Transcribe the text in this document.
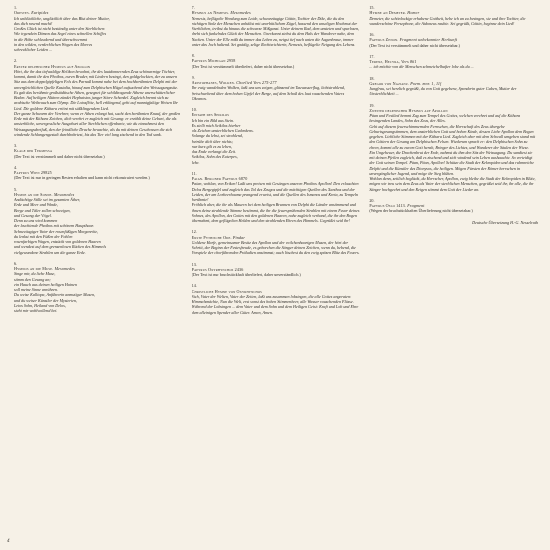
1.
Orestes. Euripides
Ich unblückliche, unglücklich über das Blut deiner Mutter,
das dich rasend macht!
Großes Glück ist nicht beständig unter den Sterblichen:
Wie irgendein Dämon das Segel eines schnellen Schiffes
in die Höhe schleudernd und überschwemmt
in den wilden, verderblichen Wogen des Meeres
schrecklicher Leiden ...
2.
Erster delphischer Hymnus auf Apollon
Hört, die ihr das tiefwaldige Helikon bewohnt, ihr des lautdonnernden Zeus schönarmige Töchter, kommt, damit ihr den Phoibos, euren Bruder, mit Liedern besingt, den goldgelockten, der zu unsern Sitz aus dem doppelgipfeligen Fels des Parnaß kommt nahe bei dem hochberühmten Delphi mit der unvergleichlichen Quelle Kastalia, hinauf zum Delphischen Hügel aufsuchend den Weissagungssitz.
Es gab das berühmte großstädtische Athen, gesegnet für schildtragende Athene unerschütterlicher Boden. Auf heiligen Altären zündet Hephaistos junger Stiere Schenkel. Zugleich brennt sich zu arabische Weihrauch zum Olymp. Die Lotosflöte, hell erklingend, geht auf mannigfaltige Weisen Ihr Lied. Die goldene Kithara ertönt mit süßklingendem Lied.
Der ganze Schwarm der Verehrer, wenn er Athen erlangt hat, sucht den berühmten Knauf, der großen Erde mit der Kithara Zeichen, dich verehrt er zugleich mit Gesang: er erzählt deine Geburt, die als unsterbliche, unvergessliche Ausgeburt aller Sterblichen offenbarte, wie du einnahmest den Weissagungsdreifuß, den der feindliche Drache bewachte, als du mit deinen Geschossen die sich windende Schlangengestalt durchbohrtest, bis das Tier viel lang zischend in den Tod sank.
3.
Klage der Tekmessa
(Der Text ist verstümmelt und daher nicht übersetzbar.)
4.
Papyrus Wien 29825
(Der Text ist nur in geringen Resten erhalten und kann nicht rekonstruiert werden.)
5.
Hymne an die Sonne. Mesomedes
Andächtige Stille sei im gesamten Äther,
Erde und Meer und Winde,
Berge und Täler sollen schweigen,
und Gesang der Vögel.
Denn zu uns wird kommen
der leuchtende Phoibos mit schönem Haupthaar.
Schneeäugiger Vater der rosenfüßigen Morgenröte,
du lenkst mit den Füßen der Fohlen
rosenfarbigen Wagen, entzückt von goldenen Haaren
und wendest auf dem grenzenlosen Rücken des Himmels
vielgewundene Strahlen um die ganze Erde.
6.
Hymnos an die Muse. Mesomedes
Singe mir, du liebe Muse,
stimm den Gesang an;
ein Hauch aus deinen heiligen Hainen
soll meine Sinne anrühren.
Du weise Kalliopa, Anführerin anmutiger Musen,
und du weiser Künstler der Mysterien,
Letos Sohn, Heiland von Delos,
steht mir wohlwollend bei.
7.
Hymnus an Nemesis. Mesomedes
Nemesis, beflügelte Wendung zum Leide, schwarzäugige Göttin, Tochter der Dike, die du den nichtigen Stolz der Menschen anhältst mit unerbittlichem Zügel, hassend den unseligen Hochmut der Sterblichen, treibst du hinaus die schwarze Mißgunst. Unter deinem Rad, dem unsteten und spurlosen, dreht sich funkelndes Glück der Menschen. Unerkannt stehst du dem Hals der Wanderer nahe, dem Nacken. Unter der Elle mißt du immer das Leben zu, neigst tief nach unten die Augenbraue, immer unter das Joch haltend. Sei gnädig, selige Rechtsrichterin, Nemesis, beflügelte Neigung des Lebens.
8.
Papyrus Michigan 2958
(Der Text ist verstümmelt überliefert, daher nicht übersetzbar.)
9.
Aristophanes, Wolken. Chorlied Vers 275-277
Ihr ewig wandelnden Wolken, laßt uns uns zeigen, glänzend im Tauwasserflug, lichtstrahlend, freischwebend über dem hohen Gipfel der Berge, auf dem Schoß des laut rauschenden Vaters Okeanos.
10.
Epitaph des Seikilos
Ich bin ein Bild aus Stein.
Es stellt mich Seikilos hierher
als Zeichen unsterblichen Gedenkens.
Solange du lebst, sei strahlend,
betrübe dich über nichts;
nur kurz gilt es zu leben,
das Ende verlangt die Zeit.
Seikilos, Sohn des Euterpes,
lebe.
11.
Paian. Berliner Papyrus 6870
Paian, wohlan, von Eriken! Laßt uns preisen mit Gesängen unseren Phoibos Apollon! Den erlauchten Delos Bergegipfel und zugleich das Tal des Zeugos und die mächtigen Quellen des Xanthos und der Leiden, der am Lorbeerbaume prangend erweist, und die Quellen des Ismenos und Kreta, zu Tempeln berühmte!
Fröhlich aber, die ihr als Mauern bei dem heiligen Brunnen von Delphi die Länder anstimmend und ihnen deine strahlende Stimme bestimmt, die ihr die feuersprühenden Strahlen mit einem Feuer deines Sohnes, des Apollon, des Gottes mit den goldenen Haaren, nahe zugleich verband, die ihr den Bogen übernahmt, dem geflügelten Helden und den strahlenden Ehren des Himmels. Gegrüßet seid ihr!
12.
Erste Pythische Ode. Pindar
Goldene Harfe, gemeinsamer Besitz des Apollon und der veilchenhaarigen Musen, der hört der Schritt, der Beginn der Festesfreude, es gehorchen die Sänger deinen Zeichen, wenn du, bebend, die Vorspiele der chorführenden Präludien anstimmst; auch löschest du den ewig spitzen Blitz des Feuers.
13.
Papyrus Oxyrhynchos 2436
(Der Text ist nur bruchstückhaft überliefert, daher unverständlich.)
14.
Christliche Hymne von Oxyrhynchos
Sich, Vater der Welten, Vater der Zeiten, laßt uns zusammen lobsingen, die alle Gottes angeraten: Himmelsmächte, Nun die Welt, erst sonst des hohen Stimmenheer, alle Wasser rauschenden Flüsse. Während der Lobsingen ... dem Vater und dem Sohn und dem Heiligen Geist: Kraft und Lob und Ehre dem alleinigen Spender aller Güter. Amen, Amen.
15.
Hymne an Demeter. Homer
Demeter, die schönlockige erhabene Gottheit, hebe ich an zu besingen, sie und ihre Tochter, die wunderschöne Persephone, die Aidoneus raubte. Sei gegrüßt, Göttin, beginne dein Lied!
16.
Papyrus Zenon. Fragment unbekannter Herkunft
(Der Text ist verstümmelt und daher nicht übersetzbar.)
17.
Terenz, Hecyra, Vers 861
... ich möchte von dir Menschen schmeichelhafter lobe als du ...
18.
Gregor von Nazianz. Poem. mor. 1, 11f
Jungfrau, sei herzlich gegrüßt, du von Gott gegebene, Spenderin guter Gaben, Mutter der Unsterblichkeit ...
19.
Zweiter delphischer Hymnus auf Apollon
Päan und Festlied hemmt Zug zum Tempel des Gottes, welchen verehret und auf die Kithara besingenden Landes, Sohn des Zeus, der Alles.
Gebt auf diesem feuerschimmernden Fernsehen, die Herrschaft des Zeus übergebe Geburtsgesangstimmen, dem unsterblichen Gott und hohen Kinde, dessen Liebe Apollon dem Bogen gegeben. Liebliche Stimmen mit der Kithara Lied. Zugleich aber mit dem Schwall umgeben stand mit den Göttern der Gesang am Delphischen Felsen. Wiederum sprach er: den Delphischen Sohn zu ehren, kommt alle zu eurem Gott herab, Bringer des Lichtes, und Wanderer der Säulen der Wiese.
Ein Ungeheuer, die Drachenbrut der Erde, nahmst du ihm den Sitz der Weissagung. Du sandtest sie mit deinen Pfeilen zugleich, daß es zischend und sich windend sein Leben aushauchte. So verteidigt der Gott seinen Tempel. Päan, Päan, Apollon! Schütze die Stadt der Kekropiden und das ruhmreiche Delphi und die Künstler des Dionysos, die heiligen. Mögen Fürsten der Römer herrschen in unvergänglicher Jugend, und möge ihr Sieg blühen.
Wohlan denn, zeitlich beglückt, du Herrscher, Apollon, ewig bleibe die Stadt der Kekropiden in Blüte, mögen wir treu sein dem Zeus als Vater der sterblichen Menschen, gegrüßet seid ihr, ihr alle, die ihr Sänger hochgeehrt und den Reigen stimmt dem Gott der Lieder an.
20.
Papyrus Oslo 1413. Fragment
(Wegen der bruchstückhaften Überlieferung nicht übersetzbar.)
Deutsche Übersetzung H.-G. Nesselrath
4
